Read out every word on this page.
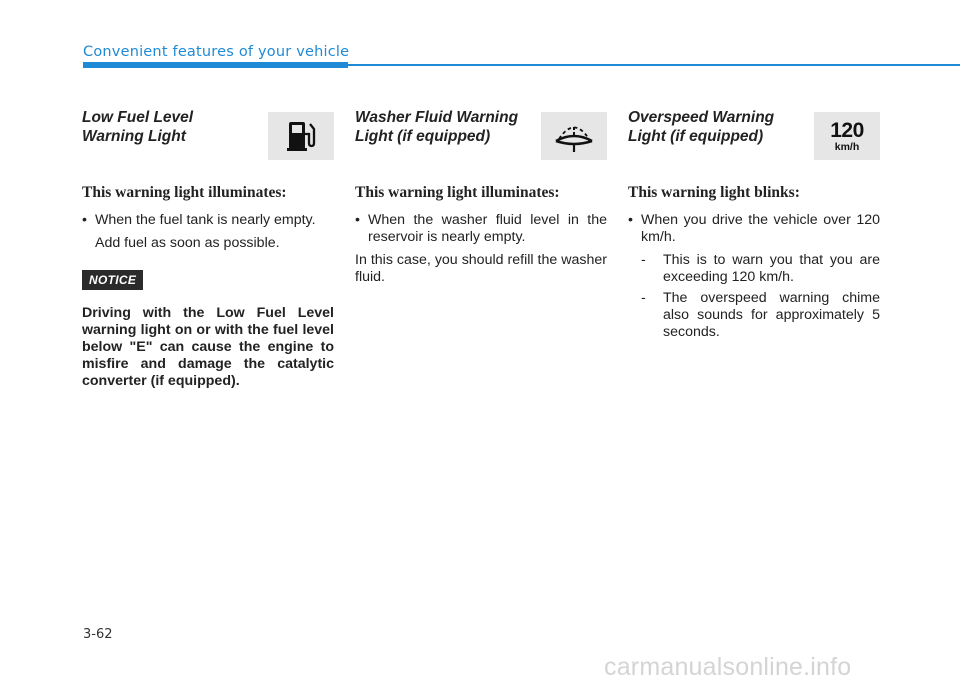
Convenient features of your vehicle
Low Fuel Level
Warning Light
This warning light illuminates:
• When the fuel tank is nearly empty.
Add fuel as soon as possible.
NOTICE
Driving with the Low Fuel Level warning light on or with the fuel level below "E" can cause the engine to misfire and damage the catalytic converter (if equipped).
Washer Fluid Warning
Light (if equipped)
This warning light illuminates:
• When the washer fluid level in the reservoir is nearly empty.
In this case, you should refill the washer fluid.
Overspeed Warning
Light (if equipped)	120
km/h
This warning light blinks:
• When you drive the vehicle over 120 km/h.
- This is to warn you that you are exceeding 120 km/h.
- The overspeed warning chime also sounds for approximately 5 seconds.
3-62
carmanualsonline.info
